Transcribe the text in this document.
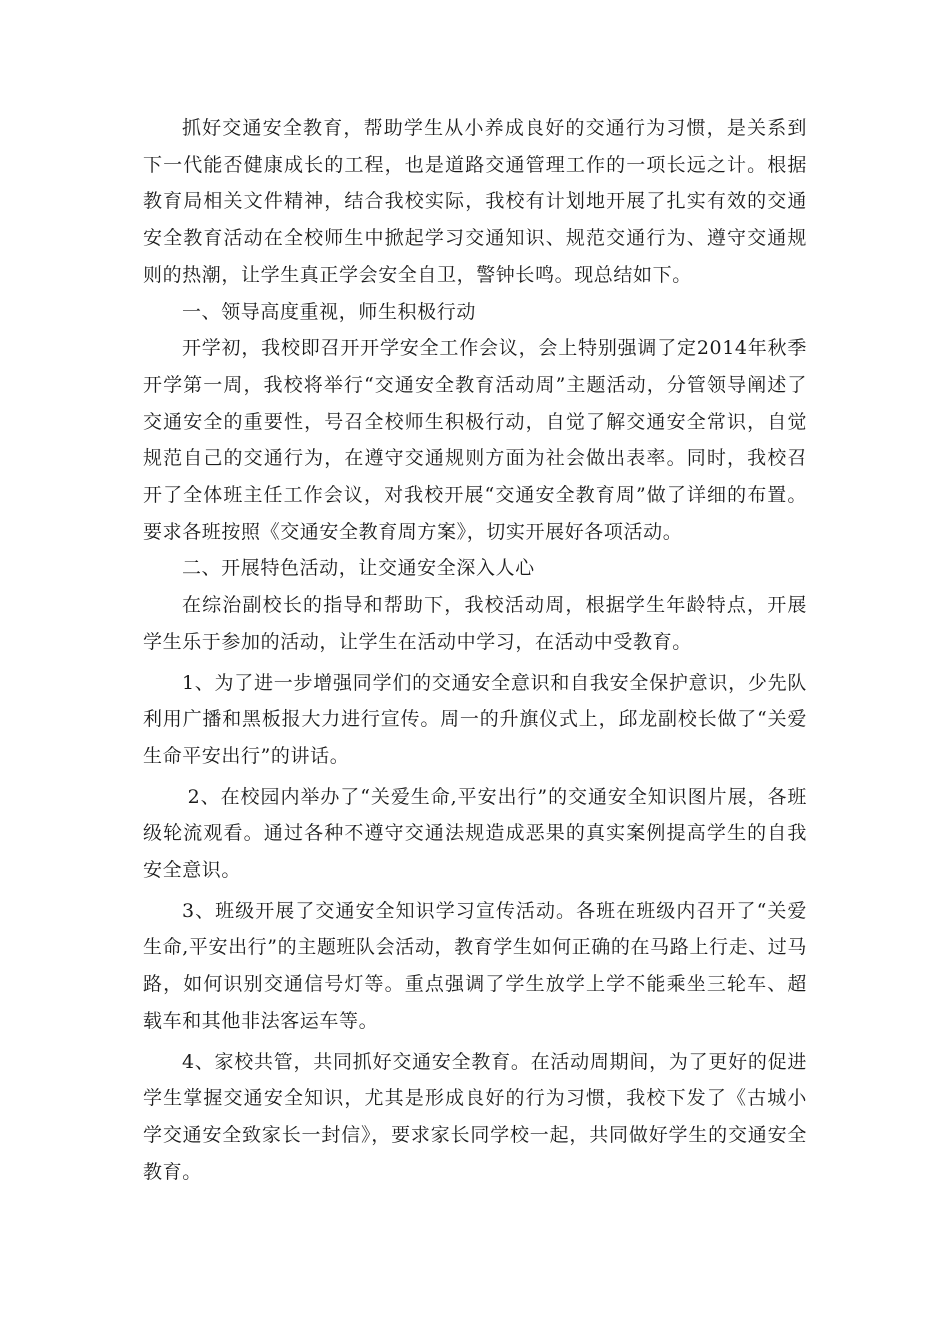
抓好交通安全教育，帮助学生从小养成良好的交通行为习惯，是关系到下一代能否健康成长的工程，也是道路交通管理工作的一项长远之计。根据教育局相关文件精神，结合我校实际，我校有计划地开展了扎实有效的交通安全教育活动在全校师生中掀起学习交通知识、规范交通行为、遵守交通规则的热潮，让学生真正学会安全自卫，警钟长鸣。现总结如下。

一、领导高度重视，师生积极行动

开学初，我校即召开开学安全工作会议，会上特别强调了定2014年秋季开学第一周，我校将举行“交通安全教育活动周”主题活动，分管领导阐述了交通安全的重要性，号召全校师生积极行动，自觉了解交通安全常识，自觉规范自己的交通行为，在遵守交通规则方面为社会做出表率。同时，我校召开了全体班主任工作会议，对我校开展“交通安全教育周”做了详细的布置。要求各班按照《交通安全教育周方案》，切实开展好各项活动。

二、开展特色活动，让交通安全深入人心

在综治副校长的指导和帮助下，我校活动周，根据学生年龄特点，开展学生乐于参加的活动，让学生在活动中学习，在活动中受教育。

1、为了进一步增强同学们的交通安全意识和自我安全保护意识，少先队利用广播和黑板报大力进行宣传。周一的升旗仪式上，邱龙副校长做了“关爱生命平安出行”的讲话。

2、在校园内举办了“关爱生命,平安出行”的交通安全知识图片展，各班级轮流观看。通过各种不遵守交通法规造成恶果的真实案例提高学生的自我安全意识。

3、班级开展了交通安全知识学习宣传活动。各班在班级内召开了“关爱生命,平安出行”的主题班队会活动，教育学生如何正确的在马路上行走、过马路，如何识别交通信号灯等。重点强调了学生放学上学不能乘坐三轮车、超载车和其他非法客运车等。

4、家校共管，共同抓好交通安全教育。在活动周期间，为了更好的促进学生掌握交通安全知识，尤其是形成良好的行为习惯，我校下发了《古城小学交通安全致家长一封信》，要求家长同学校一起，共同做好学生的交通安全教育。
